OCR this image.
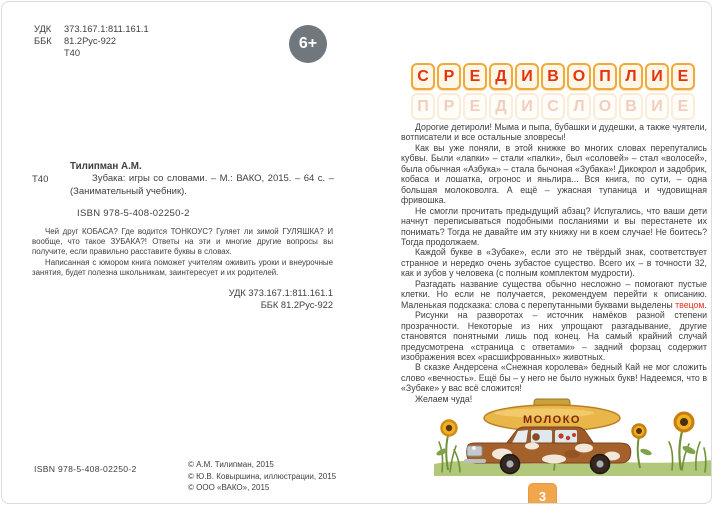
УДК	373.167.1:811.161.1
ББК	81.2Рус-922
Т40
6+
Тилипман А.М.
Т40	Зубака: игры со словами. – М.: ВАКО, 2015. – 64 с. – (Занимательный учебник).

ISBN 978-5-408-02250-2

Чей друг КОБАСА? Где водится ТОНКОУС? Гуляет ли зимой ГУЛЯШКА? И вообще, что такое ЗУБАКА?! Ответы на эти и многие другие вопросы вы получите, если правильно расставите буквы в словах.

Написанная с юмором книга поможет учителям оживить уроки и внеурочные занятия, будет полезна школьникам, заинтересует и их родителей.

УДК 373.167.1:811.161.1
ББК 81.2Рус-922
ISBN 978-5-408-02250-2	© А.М. Тилипман, 2015
© Ю.В. Ковыршина, иллюстрации, 2015
© ООО «ВАКО», 2015
С Р Е Д И В О П Л И Е
П Р Е Д И С Л О В И Е

Дорогие детироли! Мыма и пыпа, бубашки и дудешки, а также чуятели, вотписатели и все остальные зловресы!

Как вы уже поняли, в этой книжке во многих словах перепутались кубвы. Были «лапки» – стали «палки», был «соловей» – стал «волосей», была обычная «Азбука» – стала бычоная «Зубака»! Дикокрол и задобрик, кобаса и лошатка, огронос и яньлира... Вся книга, по сути, – одна большая молоковолга. А ещё – ужасная тупаница и чудовищная фривошка.

Не смогли прочитать предыдущий абзац? Испугались, что ваши дети начнут переписываться подобными посланиями и вы перестанете их понимать? Тогда не давайте им эту книжку ни в коем случае! Не боитесь? Тогда продолжаем.

Каждой букве в «Зубаке», если это не твёрдый знак, соответствует странное и нередко очень зубастое существо. Всего их – в точности 32, как и зубов у человека (с полным комплектом мудрости).

Разгадать название существа обычно несложно – помогают пустые клетки. Но если не получается, рекомендуем перейти к описанию. Маленькая подсказка: слова с перепутанными буквами выделены твецом.

Рисунки на разворотах – источник намёков разной степени прозрачности. Некоторые из них упрощают разгадывание, другие становятся понятными лишь под конец. На самый крайний случай предусмотрена «страница с ответами» – задний форзац содержит изображения всех «расшифрованных» животных.

В сказке Андерсена «Снежная королева» бедный Кай не мог сложить слово «вечность». Ещё бы – у него не было нужных букв! Надеемся, что в «Зубаке» у вас всё сложится!

Желаем чуда!

МОЛОКО
3
